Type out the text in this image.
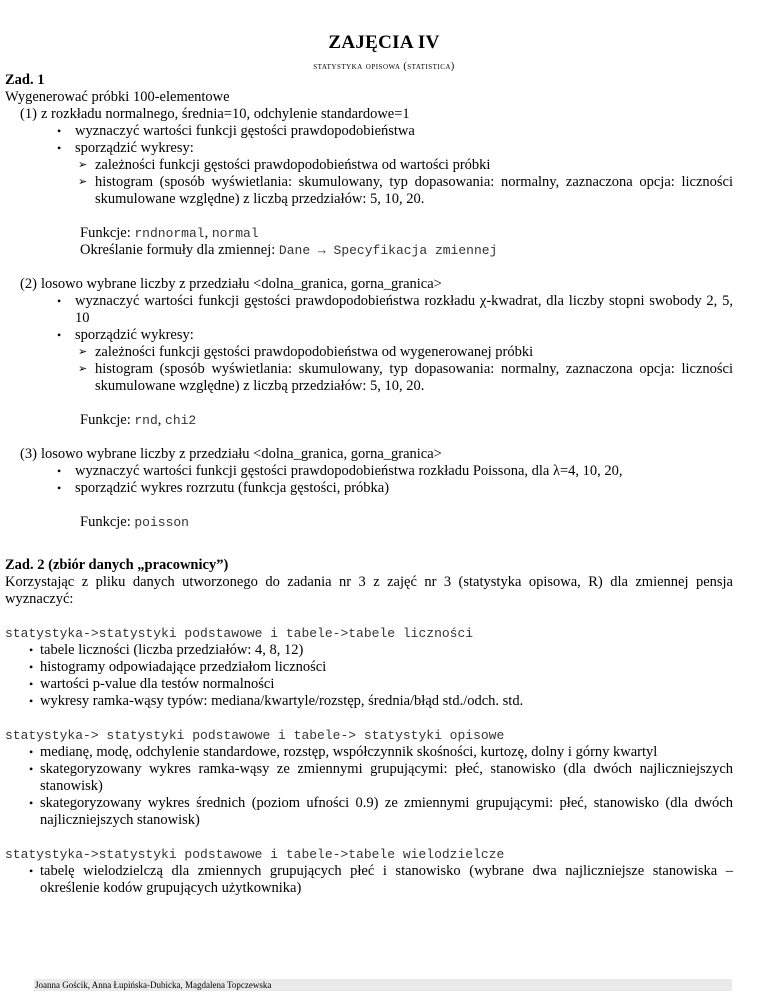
ZAJĘCIA IV
statystyka opisowa (statistica)

Zad. 1

Wygenerować próbki 100-elementowe

(1) z rozkładu normalnego, średnia=10, odchylenie standardowe=1

• wyznaczyć wartości funkcji gęstości prawdopodobieństwa

• sporządzić wykresy:

➢ zależności funkcji gęstości prawdopodobieństwa od wartości próbki

➢ histogram (sposób wyświetlania: skumulowany, typ dopasowania: normalny, zaznaczona opcja: liczności skumulowane względne) z liczbą przedziałów: 5, 10, 20.

Funkcje: rndnormal, normal

Określanie formuły dla zmiennej: Dane → Specyfikacja zmiennej

(2) losowo wybrane liczby z przedziału <dolna_granica, gorna_granica>

• wyznaczyć wartości funkcji gęstości prawdopodobieństwa rozkładu χ-kwadrat, dla liczby stopni swobody 2, 5, 10

• sporządzić wykresy:

➢ zależności funkcji gęstości prawdopodobieństwa od wygenerowanej próbki

➢ histogram (sposób wyświetlania: skumulowany, typ dopasowania: normalny, zaznaczona opcja: liczności skumulowane względne) z liczbą przedziałów: 5, 10, 20.

Funkcje: rnd, chi2

(3) losowo wybrane liczby z przedziału <dolna_granica, gorna_granica>

• wyznaczyć wartości funkcji gęstości prawdopodobieństwa rozkładu Poissona, dla λ=4, 10, 20,

• sporządzić wykres rozrzutu (funkcja gęstości, próbka)

Funkcje: poisson

Zad. 2 (zbiór danych „pracownicy”)

Korzystając z pliku danych utworzonego do zadania nr 3 z zajęć nr 3 (statystyka opisowa, R) dla zmiennej pensja wyznaczyć:

statystyka->statystyki podstawowe i tabele->tabele liczności

• tabele liczności (liczba przedziałów: 4, 8, 12)

• histogramy odpowiadające przedziałom liczności

• wartości p-value dla testów normalności

• wykresy ramka-wąsy typów: mediana/kwartyle/rozstęp, średnia/błąd std./odch. std.

statystyka-> statystyki podstawowe i tabele-> statystyki opisowe

• medianę, modę, odchylenie standardowe, rozstęp, współczynnik skośności, kurtozę, dolny i górny kwartyl

• skategoryzowany wykres ramka-wąsy ze zmiennymi grupującymi: płeć, stanowisko (dla dwóch najliczniejszych stanowisk)

• skategoryzowany wykres średnich (poziom ufności 0.9) ze zmiennymi grupującymi: płeć, stanowisko (dla dwóch najliczniejszych stanowisk)

statystyka->statystyki podstawowe i tabele->tabele wielodzielcze

• tabelę wielodzielczą dla zmiennych grupujących płeć i stanowisko (wybrane dwa najliczniejsze stanowiska – określenie kodów grupujących użytkownika)

Joanna Gościk, Anna Łupińska-Dubicka, Magdalena Topczewska
